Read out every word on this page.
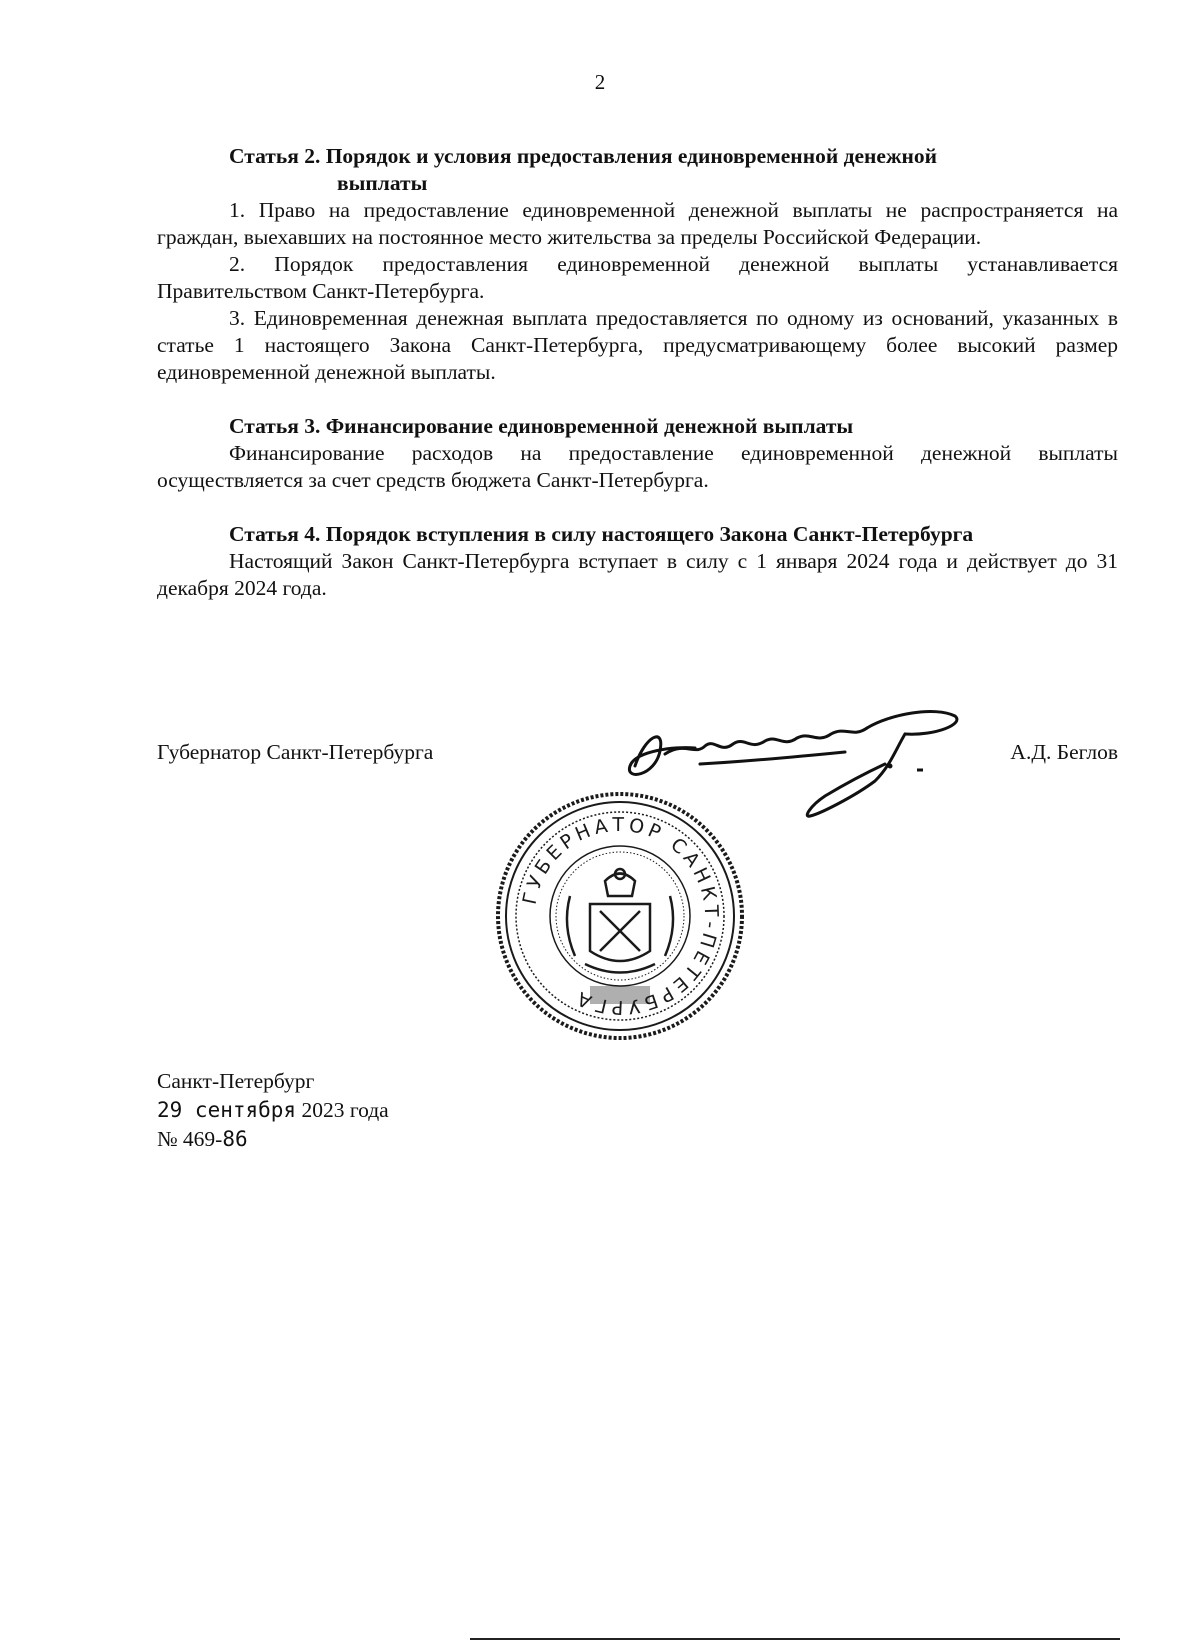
2

Статья 2. Порядок и условия предоставления единовременной денежной
выплаты

1. Право на предоставление единовременной денежной выплаты не распространяется на граждан, выехавших на постоянное место жительства за пределы Российской Федерации.

2. Порядок предоставления единовременной денежной выплаты устанавливается Правительством Санкт-Петербурга.

3. Единовременная денежная выплата предоставляется по одному из оснований, указанных в статье 1 настоящего Закона Санкт-Петербурга, предусматривающему более высокий размер единовременной денежной выплаты.

Статья 3. Финансирование единовременной денежной выплаты

Финансирование расходов на предоставление единовременной денежной выплаты осуществляется за счет средств бюджета Санкт-Петербурга.

Статья 4. Порядок вступления в силу настоящего Закона Санкт-Петербурга

Настоящий Закон Санкт-Петербурга вступает в силу с 1 января 2024 года и действует до 31 декабря 2024 года.

Губернатор Санкт-Петербурга	А.Д. Беглов
ГУБЕРНАТОР САНКТ-ПЕТЕРБУРГА
Санкт-Петербург
29 сентября 2023 года
№ 469-86
